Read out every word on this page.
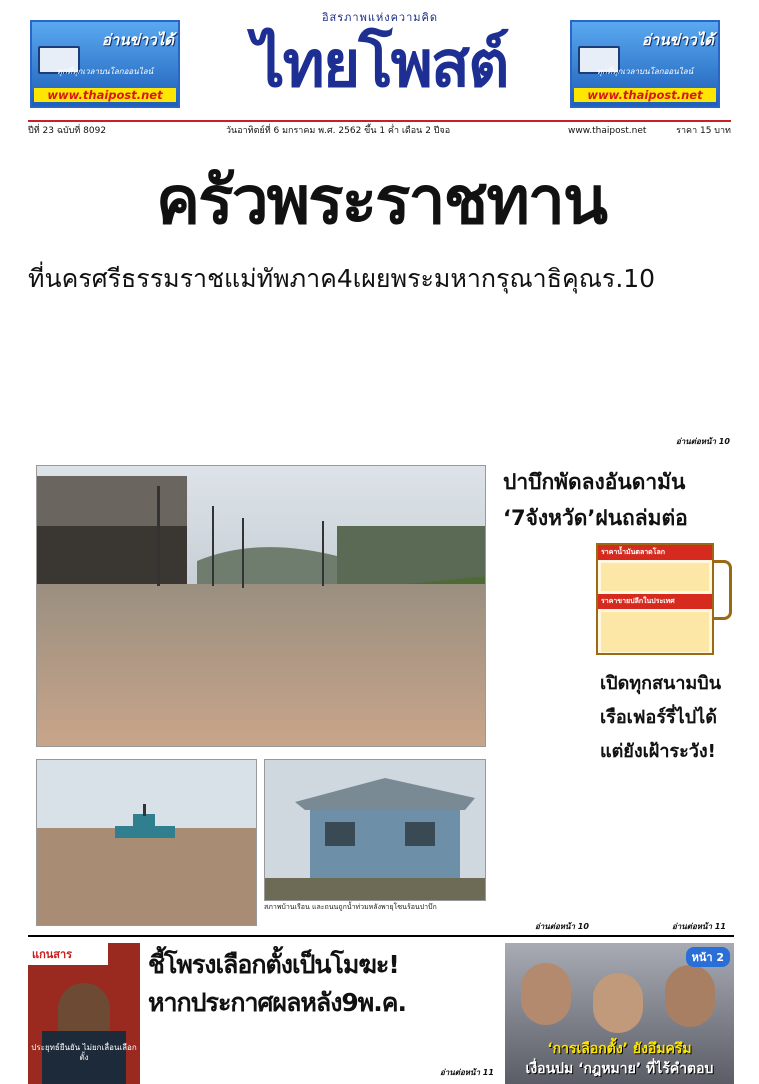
อ่านข่าวได้
ทุกที่ทุกเวลาบนโลกออนไลน์
www.thaipost.net
อิสรภาพแห่งความคิด
ไทยโพสต์	อ่านข่าวได้
ทุกที่ทุกเวลาบนโลกออนไลน์
www.thaipost.net
ปีที่ 23 ฉบับที่ 8092	วันอาทิตย์ที่ 6 มกราคม พ.ศ. 2562 ขึ้น 1 ค่ำ เดือน 2 ปีจอ	www.thaipost.net	ราคา 15 บาท
ครัวพระราชทาน
ที่นครศรีธรรมราชแม่ทัพภาค4เผยพระมหากรุณาธิคุณร.10
อ่านต่อหน้า 10
สภาพบ้านเรือน และถนนถูกน้ำท่วมหลังพายุโซนร้อนปาบึก
ปาบึกพัดลงอันดามัน
‘7จังหวัด’ฝนถล่มต่อ
ราคาน้ำมันตลาดโลก
ราคาขายปลีกในประเทศ
อ่านต่อหน้า 10
เปิดทุกสนามบิน
เรือเฟอร์รี่ไปได้
แต่ยังเฝ้าระวัง!
อ่านต่อหน้า 11
แกนสาร
ประยุทธ์ยืนยัน ไม่ยกเลื่อนเลือกตั้ง
ชี้โพรงเลือกตั้งเป็นโมฆะ!
หากประกาศผลหลัง9พ.ค.
อ่านต่อหน้า 11
หน้า 2
‘การเลือกตั้ง’ ยังอึมครึม
เงื่อนปม ‘กฎหมาย’ ที่ไร้คำตอบ
